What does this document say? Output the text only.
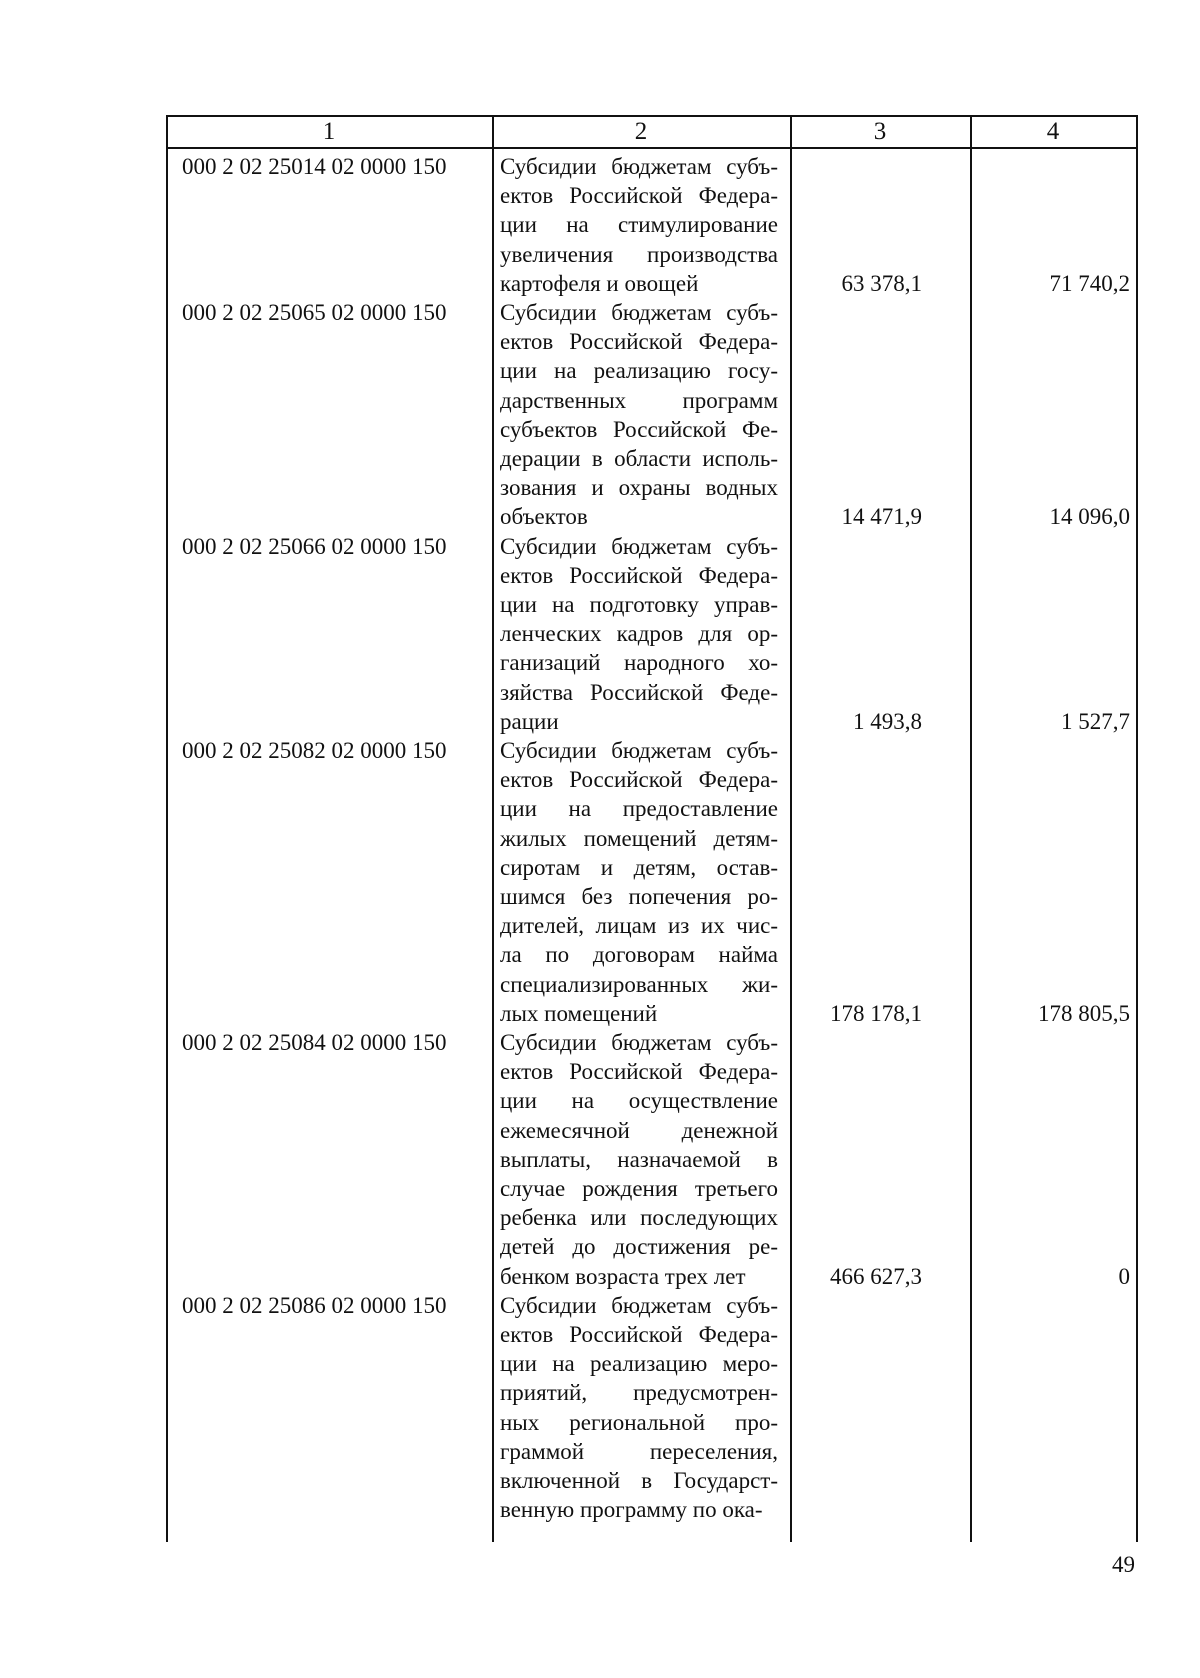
1	2	3	4
000 2 02 25014 02 0000 150 Субсидии бюджетам субъ-
ектов Российской Федера-
ции на стимулирование
увеличения производства
картофеля и овощей	63 378,1	71 740,2
000 2 02 25065 02 0000 150 Субсидии бюджетам субъ-
ектов Российской Федера-
ции на реализацию госу-
дарственных программ
субъектов Российской Фе-
дерации в области исполь-
зования и охраны водных
объектов	14 471,9	14 096,0
000 2 02 25066 02 0000 150 Субсидии бюджетам субъ-
ектов Российской Федера-
ции на подготовку управ-
ленческих кадров для ор-
ганизаций народного хо-
зяйства Российской Феде-
рации	1 493,8	1 527,7
000 2 02 25082 02 0000 150 Субсидии бюджетам субъ-
ектов Российской Федера-
ции на предоставление
жилых помещений детям-
сиротам и детям, остав-
шимся без попечения ро-
дителей, лицам из их чис-
ла по договорам найма
специализированных жи-
лых помещений	178 178,1	178 805,5
000 2 02 25084 02 0000 150 Субсидии бюджетам субъ-
ектов Российской Федера-
ции на осуществление
ежемесячной денежной
выплаты, назначаемой в
случае рождения третьего
ребенка или последующих
детей до достижения ре-
бенком возраста трех лет	466 627,3	0
000 2 02 25086 02 0000 150 Субсидии бюджетам субъ-
ектов Российской Федера-
ции на реализацию меро-
приятий, предусмотрен-
ных региональной про-
граммой переселения,
включенной в Государст-
венную программу по ока-
49
